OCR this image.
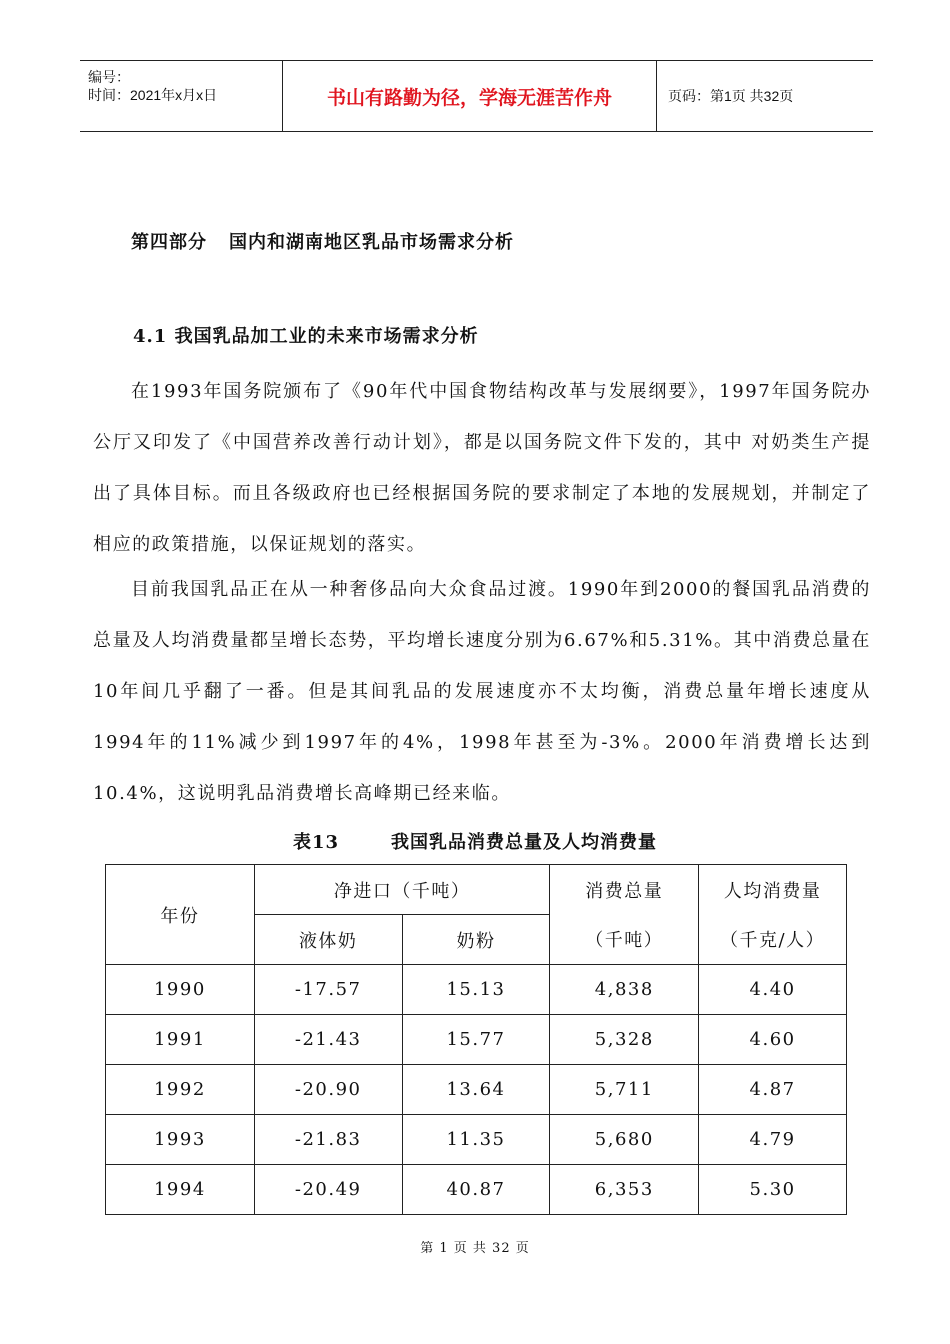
编号：
时间：2021年x月x日	书山有路勤为径，学海无涯苦作舟	页码：第1页 共32页
第四部分 国内和湖南地区乳品市场需求分析
4.1 我国乳品加工业的未来市场需求分析

在1993年国务院颁布了《90年代中国食物结构改革与发展纲要》，1997年国务院办公厅又印发了《中国营养改善行动计划》，都是以国务院文件下发的，其中 对奶类生产提出了具体目标。而且各级政府也已经根据国务院的要求制定了本地的发展规划，并制定了相应的政策措施，以保证规划的落实。

目前我国乳品正在从一种奢侈品向大众食品过渡。1990年到2000的餐国乳品消费的总量及人均消费量都呈增长态势，平均增长速度分别为6.67%和5.31%。其中消费总量在10年间几乎翻了一番。但是其间乳品的发展速度亦不太均衡，消费总量年增长速度从1994年的11%减少到1997年的4%，1998年甚至为-3%。2000年消费增长达到10.4%，这说明乳品消费增长高峰期已经来临。

表13	我国乳品消费总量及人均消费量
年份	净进口（千吨）		消费总量	人均消费量
	液体奶	奶粉	（千吨）	（千克/人）
1990	-17.57	15.13	4,838	4.40
1991	-21.43	15.77	5,328	4.60
1992	-20.90	13.64	5,711	4.87
1993	-21.83	11.35	5,680	4.79
1994	-20.49	40.87	6,353	5.30
第 1 页 共 32 页
